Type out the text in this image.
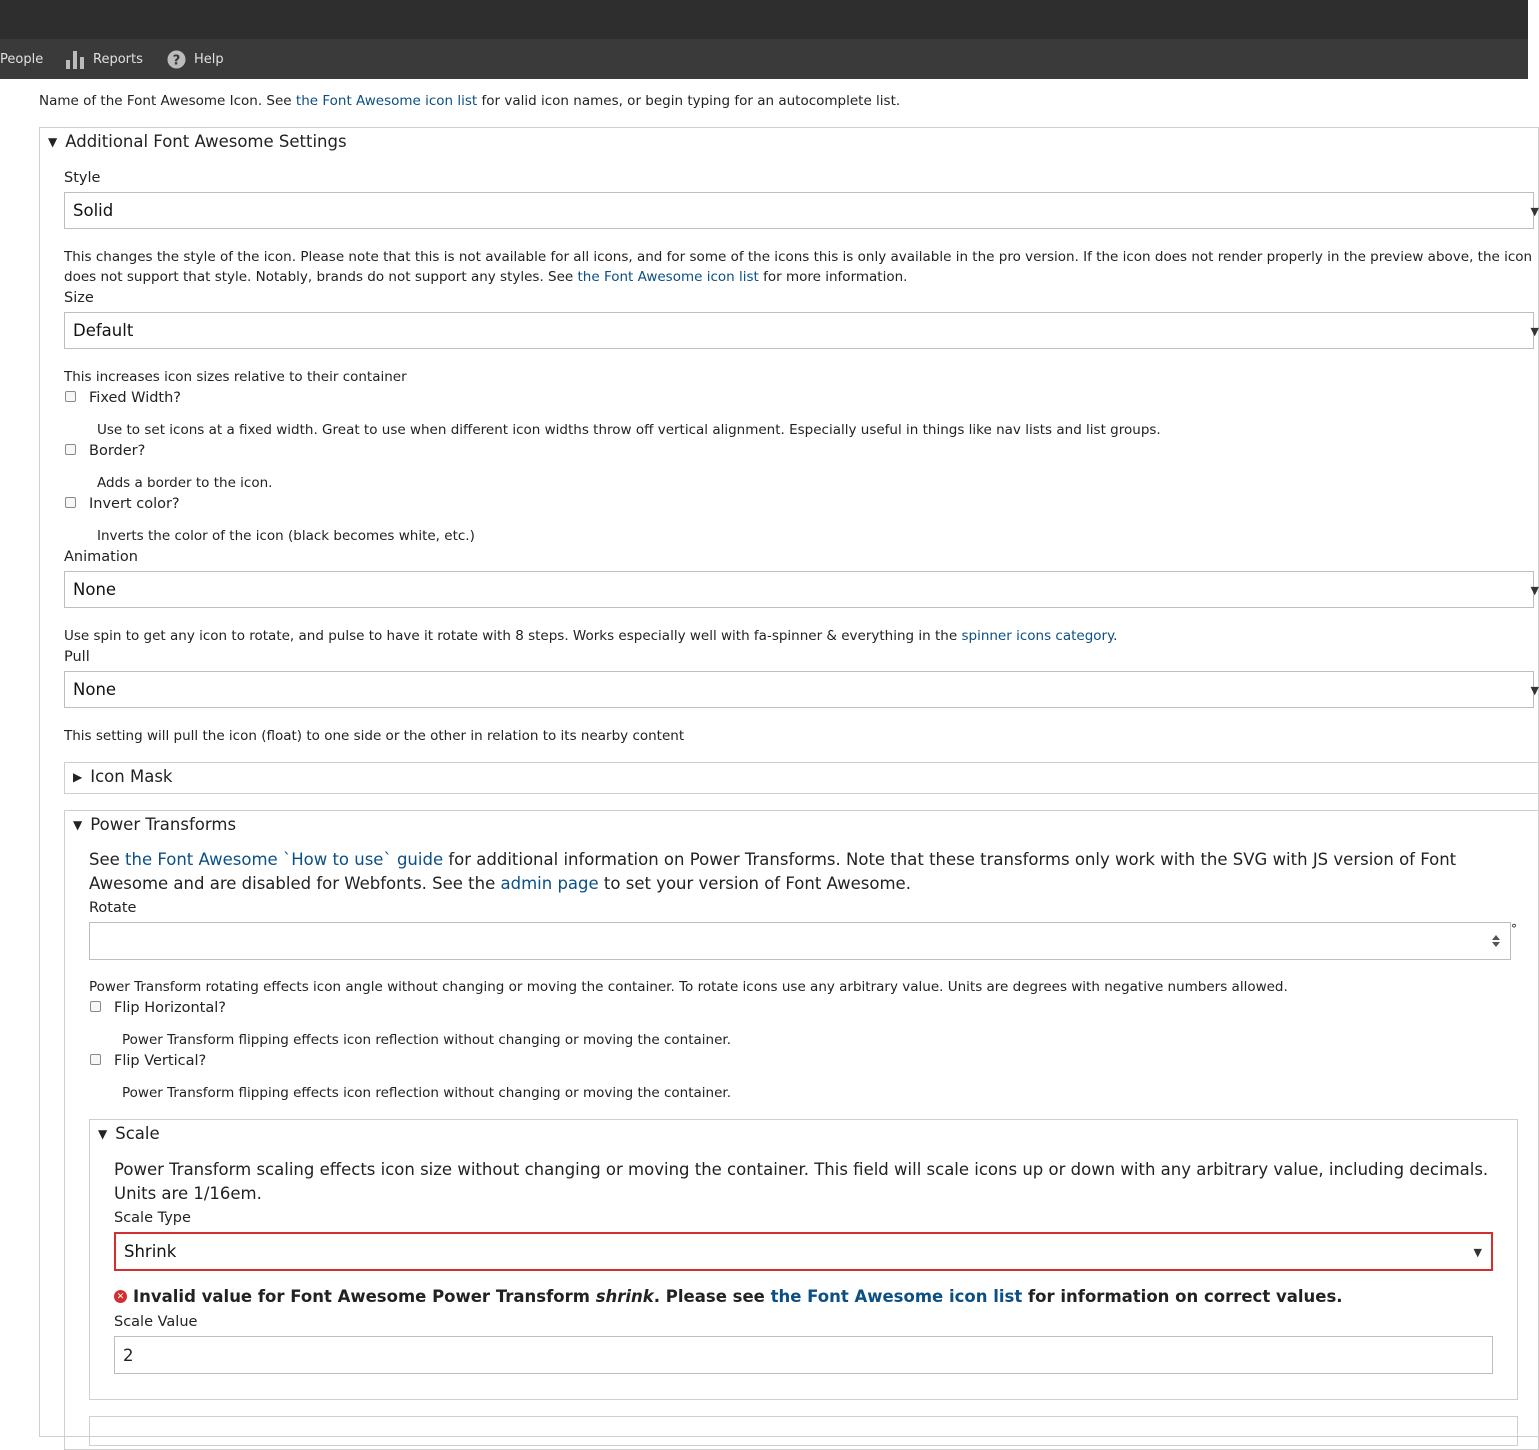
People	Reports ? Help
Name of the Font Awesome Icon. See the Font Awesome icon list for valid icon names, or begin typing for an autocomplete list.
▼ Additional Font Awesome Settings
Style
Solid	▼
This changes the style of the icon. Please note that this is not available for all icons, and for some of the icons this is only available in the pro version. If the icon does not render properly in the preview above, the icon
does not support that style. Notably, brands do not support any styles. See the Font Awesome icon list for more information.
Size
Default	▼
This increases icon sizes relative to their container
Fixed Width?
Use to set icons at a fixed width. Great to use when different icon widths throw off vertical alignment. Especially useful in things like nav lists and list groups.
Border?
Adds a border to the icon.
Invert color?
Inverts the color of the icon (black becomes white, etc.)
Animation
None	▼
Use spin to get any icon to rotate, and pulse to have it rotate with 8 steps. Works especially well with fa-spinner & everything in the spinner icons category.
Pull
None	▼
This setting will pull the icon (float) to one side or the other in relation to its nearby content
▶ Icon Mask
▼ Power Transforms
See the Font Awesome `How to use` guide for additional information on Power Transforms. Note that these transforms only work with the SVG with JS version of Font
Awesome and are disabled for Webfonts. See the admin page to set your version of Font Awesome.
Rotate
°
Power Transform rotating effects icon angle without changing or moving the container. To rotate icons use any arbitrary value. Units are degrees with negative numbers allowed.
Flip Horizontal?
Power Transform flipping effects icon reflection without changing or moving the container.
Flip Vertical?
Power Transform flipping effects icon reflection without changing or moving the container.
▼ Scale
Power Transform scaling effects icon size without changing or moving the container. This field will scale icons up or down with any arbitrary value, including decimals.
Units are 1/16em.
Scale Type
Shrink	▼
✕ Invalid value for Font Awesome Power Transform shrink. Please see the Font Awesome icon list for information on correct values.
Scale Value
2
